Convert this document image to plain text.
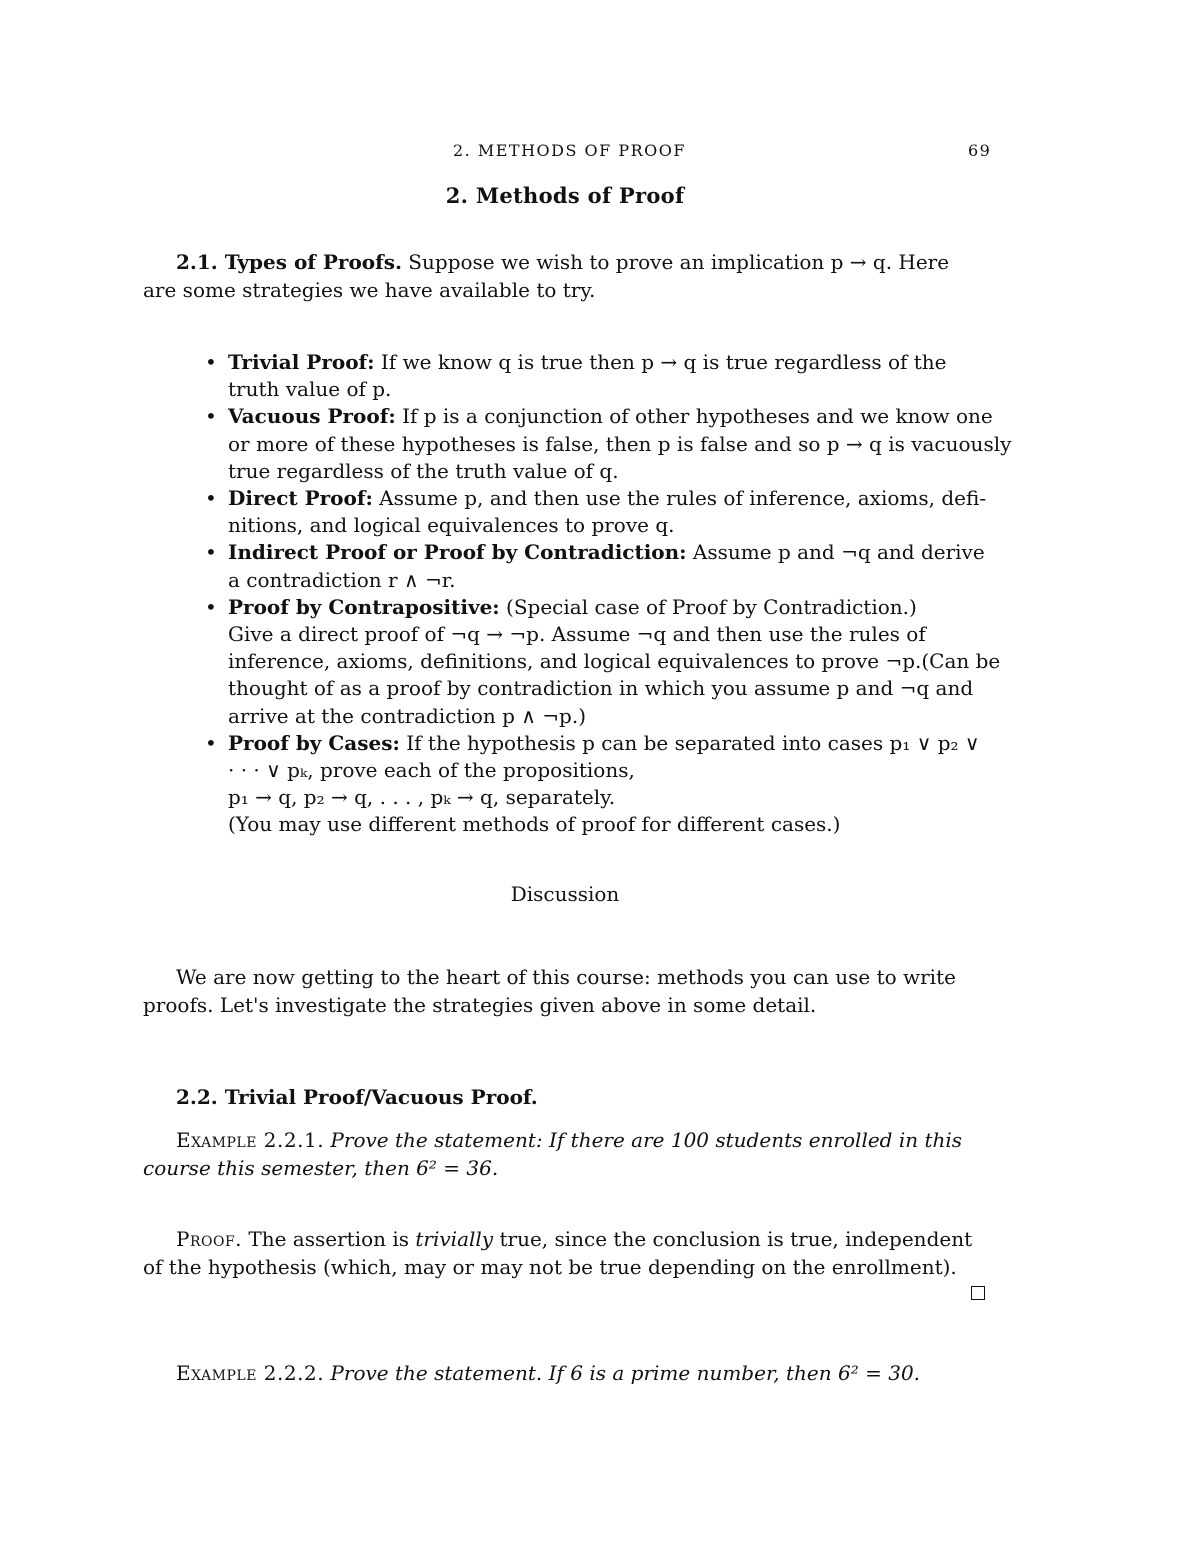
2. METHODS OF PROOF	69
2. Methods of Proof
2.1. Types of Proofs. Suppose we wish to prove an implication p → q. Here
are some strategies we have available to try.
• Trivial Proof: If we know q is true then p → q is true regardless of the
truth value of p.
• Vacuous Proof: If p is a conjunction of other hypotheses and we know one
or more of these hypotheses is false, then p is false and so p → q is vacuously
true regardless of the truth value of q.
• Direct Proof: Assume p, and then use the rules of inference, axioms, defi-
nitions, and logical equivalences to prove q.
• Indirect Proof or Proof by Contradiction: Assume p and ¬q and derive
a contradiction r ∧ ¬r.
• Proof by Contrapositive: (Special case of Proof by Contradiction.)
Give a direct proof of ¬q → ¬p. Assume ¬q and then use the rules of
inference, axioms, definitions, and logical equivalences to prove ¬p.(Can be
thought of as a proof by contradiction in which you assume p and ¬q and
arrive at the contradiction p ∧ ¬p.)
• Proof by Cases: If the hypothesis p can be separated into cases p₁ ∨ p₂ ∨
· · · ∨ pₖ, prove each of the propositions,
p₁ → q, p₂ → q, . . . , pₖ → q, separately.
(You may use different methods of proof for different cases.)
Discussion
We are now getting to the heart of this course: methods you can use to write
proofs. Let's investigate the strategies given above in some detail.
2.2. Trivial Proof/Vacuous Proof.
Example 2.2.1. Prove the statement: If there are 100 students enrolled in this
course this semester, then 6² = 36.
Proof. The assertion is trivially true, since the conclusion is true, independent
of the hypothesis (which, may or may not be true depending on the enrollment).
Example 2.2.2. Prove the statement. If 6 is a prime number, then 6² = 30.
